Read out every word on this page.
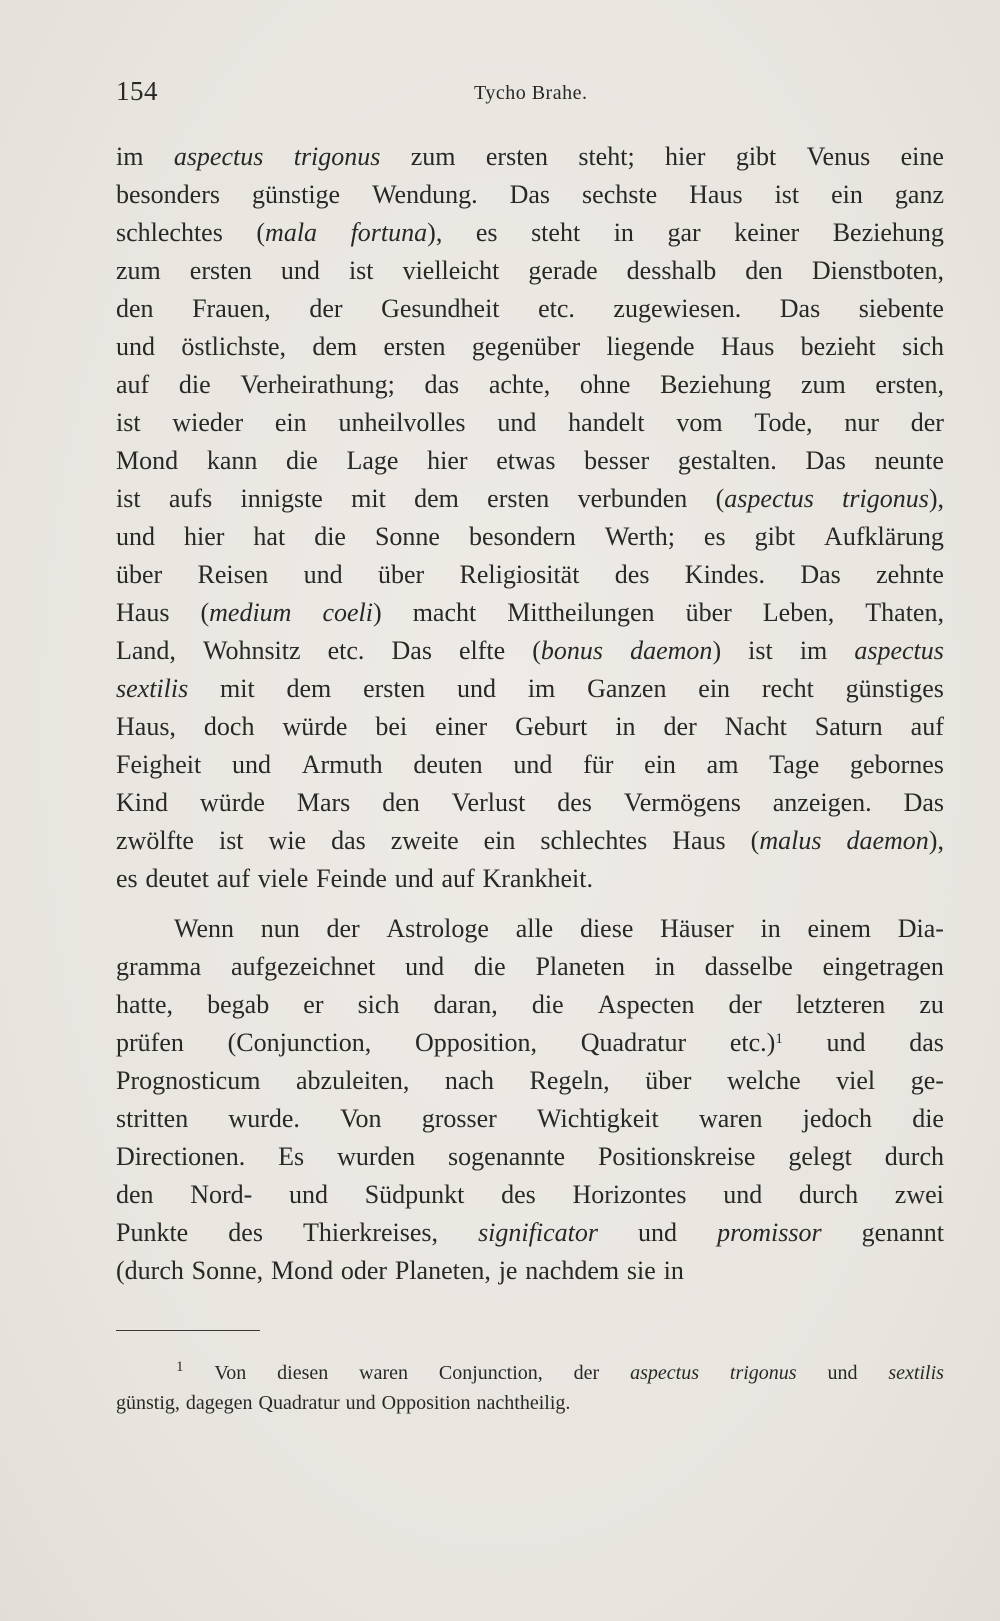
154	Tycho Brahe.
im aspectus trigonus zum ersten steht; hier gibt Venus eine
besonders günstige Wendung. Das sechste Haus ist ein ganz
schlechtes (mala fortuna), es steht in gar keiner Beziehung
zum ersten und ist vielleicht gerade desshalb den Dienstboten,
den Frauen, der Gesundheit etc. zugewiesen. Das siebente
und östlichste, dem ersten gegenüber liegende Haus bezieht sich
auf die Verheirathung; das achte, ohne Beziehung zum ersten,
ist wieder ein unheilvolles und handelt vom Tode, nur der
Mond kann die Lage hier etwas besser gestalten. Das neunte
ist aufs innigste mit dem ersten verbunden (aspectus trigonus),
und hier hat die Sonne besondern Werth; es gibt Aufklärung
über Reisen und über Religiosität des Kindes. Das zehnte
Haus (medium coeli) macht Mittheilungen über Leben, Thaten,
Land, Wohnsitz etc. Das elfte (bonus daemon) ist im aspectus
sextilis mit dem ersten und im Ganzen ein recht günstiges
Haus, doch würde bei einer Geburt in der Nacht Saturn auf
Feigheit und Armuth deuten und für ein am Tage gebornes
Kind würde Mars den Verlust des Vermögens anzeigen. Das
zwölfte ist wie das zweite ein schlechtes Haus (malus daemon),
es deutet auf viele Feinde und auf Krankheit.
Wenn nun der Astrologe alle diese Häuser in einem Dia-
gramma aufgezeichnet und die Planeten in dasselbe eingetragen
hatte, begab er sich daran, die Aspecten der letzteren zu
prüfen (Conjunction, Opposition, Quadratur etc.)$^1$ und das
Prognosticum abzuleiten, nach Regeln, über welche viel ge-
stritten wurde. Von grosser Wichtigkeit waren jedoch die
Directionen. Es wurden sogenannte Positionskreise gelegt durch
den Nord- und Südpunkt des Horizontes und durch zwei
Punkte des Thierkreises, significator und promissor genannt
(durch Sonne, Mond oder Planeten, je nachdem sie in
$^1$ Von diesen waren Conjunction, der aspectus trigonus und sextilis
günstig, dagegen Quadratur und Opposition nachtheilig.
